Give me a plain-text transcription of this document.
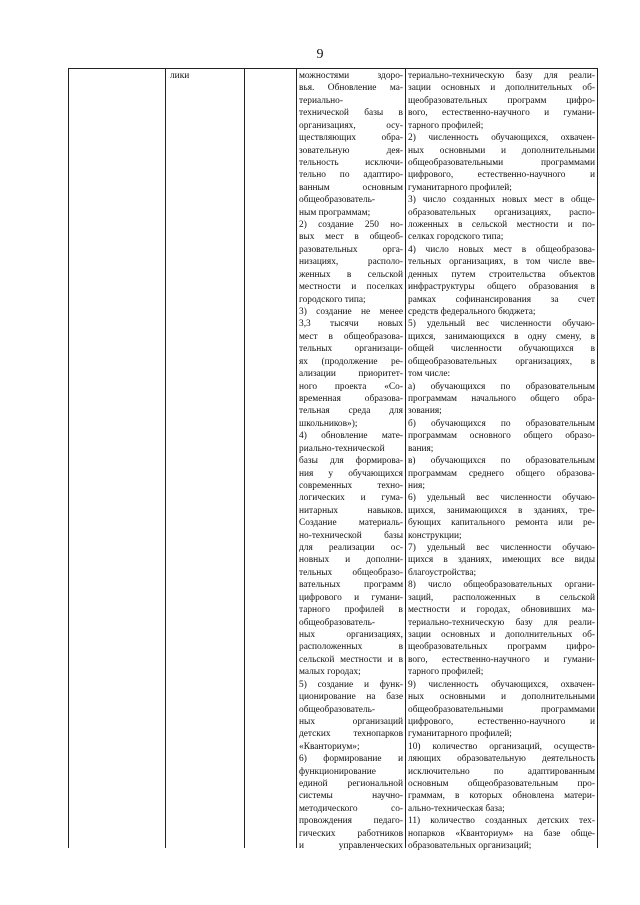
9
лики	можностями здоро-
вья. Обновление ма-
териально-
технической базы в
организациях, осу-
ществляющих обра-
зовательную дея-
тельность исключи-
тельно по адаптиро-
ванным основным
общеобразователь-
ным программам;
2) создание 250 но-
вых мест в общеоб-
разовательных орга-
низациях, располо-
женных в сельской
местности и поселках
городского типа;
3) создание не менее
3,3 тысячи новых
мест в общеобразова-
тельных организаци-
ях (продолжение ре-
ализации приоритет-
ного проекта «Со-
временная образова-
тельная среда для
школьников»);
4) обновление мате-
риально-технической
базы для формирова-
ния у обучающихся
современных техно-
логических и гума-
нитарных навыков.
Создание материаль-
но-технической базы
для реализации ос-
новных и дополни-
тельных общеобразо-
вательных программ
цифрового и гумани-
тарного профилей в
общеобразователь-
ных организациях,
расположенных в
сельской местности и в
малых городах;
5) создание и функ-
ционирование на базе
общеобразователь-
ных организаций
детских технопарков
«Кванториум»;
6) формирование и
функционирование
единой региональной
системы научно-
методического со-
провождения педаго-
гических работников
и управленческих
териально-техническую базу для реали-
зации основных и дополнительных об-
щеобразовательных программ цифро-
вого, естественно-научного и гумани-
тарного профилей;
2) численность обучающихся, охвачен-
ных основными и дополнительными
общеобразовательными программами
цифрового, естественно-научного и
гуманитарного профилей;
3) число созданных новых мест в обще-
образовательных организациях, распо-
ложенных в сельской местности и по-
селках городского типа;
4) число новых мест в общеобразова-
тельных организациях, в том числе вве-
денных путем строительства объектов
инфраструктуры общего образования в
рамках софинансирования за счет
средств федерального бюджета;
5) удельный вес численности обучаю-
щихся, занимающихся в одну смену, в
общей численности обучающихся в
общеобразовательных организациях, в
том числе:
а) обучающихся по образовательным
программам начального общего обра-
зования;
б) обучающихся по образовательным
программам основного общего образо-
вания;
в) обучающихся по образовательным
программам среднего общего образова-
ния;
6) удельный вес численности обучаю-
щихся, занимающихся в зданиях, тре-
бующих капитального ремонта или ре-
конструкции;
7) удельный вес численности обучаю-
щихся в зданиях, имеющих все виды
благоустройства;
8) число общеобразовательных органи-
заций, расположенных в сельской
местности и городах, обновивших ма-
териально-техническую базу для реали-
зации основных и дополнительных об-
щеобразовательных программ цифро-
вого, естественно-научного и гумани-
тарного профилей;
9) численность обучающихся, охвачен-
ных основными и дополнительными
общеобразовательными программами
цифрового, естественно-научного и
гуманитарного профилей;
10) количество организаций, осуществ-
ляющих образовательную деятельность
исключительно по адаптированным
основным общеобразовательным про-
граммам, в которых обновлена матери-
ально-техническая база;
11) количество созданных детских тех-
нопарков «Кванториум» на базе обще-
образовательных организаций;
